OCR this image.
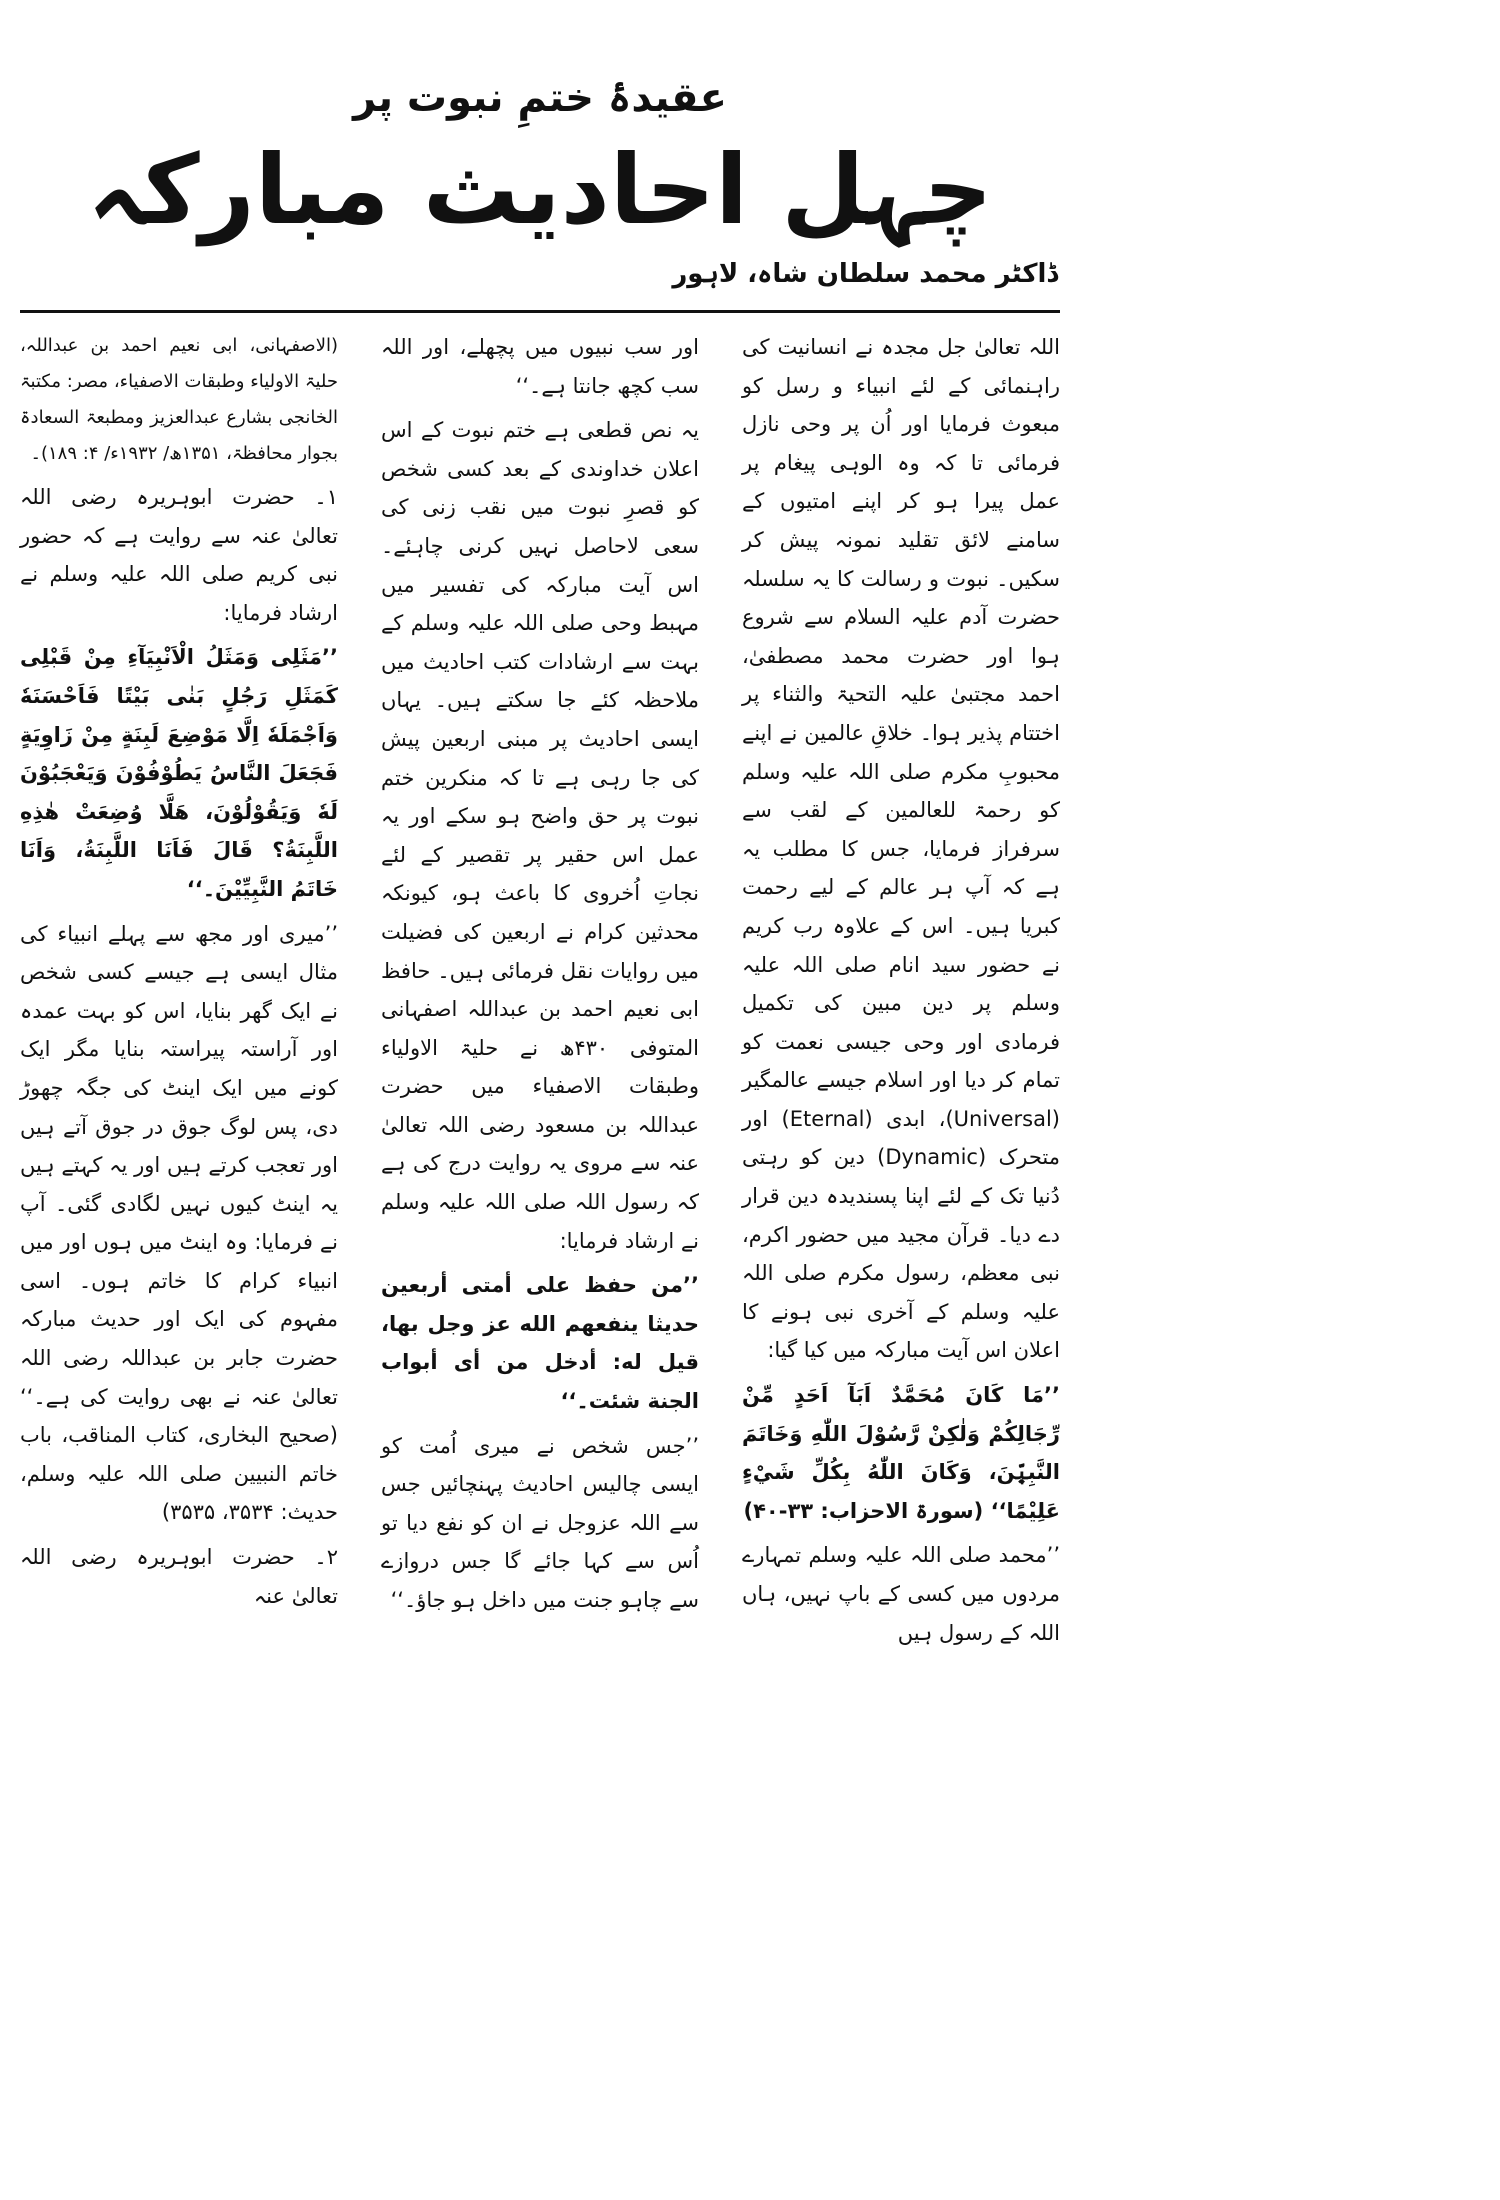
عقیدۂ ختمِ نبوت پر
چہل احادیث مبارکہ
ڈاکٹر محمد سلطان شاہ، لاہور

اللہ تعالیٰ جل مجدہ نے انسانیت کی راہنمائی کے لئے انبیاء و رسل کو مبعوث فرمایا اور اُن پر وحی نازل فرمائی تا کہ وہ الوہی پیغام پر عمل پیرا ہو کر اپنے امتیوں کے سامنے لائق تقلید نمونہ پیش کر سکیں۔ نبوت و رسالت کا یہ سلسلہ حضرت آدم علیہ السلام سے شروع ہوا اور حضرت محمد مصطفیٰ، احمد مجتبیٰ علیہ التحیۃ والثناء پر اختتام پذیر ہوا۔ خلاقِ عالمین نے اپنے محبوبِ مکرم صلی اللہ علیہ وسلم کو رحمۃ للعالمین کے لقب سے سرفراز فرمایا، جس کا مطلب یہ ہے کہ آپ ہر عالم کے لیے رحمت کبریا ہیں۔ اس کے علاوہ رب کریم نے حضور سید انام صلی اللہ علیہ وسلم پر دین مبین کی تکمیل فرمادی اور وحی جیسی نعمت کو تمام کر دیا اور اسلام جیسے عالمگیر (Universal)، ابدی (Eternal) اور متحرک (Dynamic) دین کو رہتی دُنیا تک کے لئے اپنا پسندیدہ دین قرار دے دیا۔ قرآن مجید میں حضور اکرم، نبی معظم، رسول مکرم صلی اللہ علیہ وسلم کے آخری نبی ہونے کا اعلان اس آیت مبارکہ میں کیا گیا:

’’مَا كَانَ مُحَمَّدٌ اَبَآ اَحَدٍ مِّنْ رِّجَالِكُمْ وَلٰكِنْ رَّسُوْلَ اللّٰهِ وَخَاتَمَ النَّبِيّٖنَ، وَكَانَ اللّٰهُ بِكُلِّ شَيْءٍ عَلِيْمًا‘‘ (سورۃ الاحزاب: ۳۳-۴۰)

’’محمد صلی اللہ علیہ وسلم تمہارے مردوں میں کسی کے باپ نہیں، ہاں اللہ کے رسول ہیں

اور سب نبیوں میں پچھلے، اور اللہ سب کچھ جانتا ہے۔‘‘

یہ نص قطعی ہے ختم نبوت کے اس اعلان خداوندی کے بعد کسی شخص کو قصرِ نبوت میں نقب زنی کی سعی لاحاصل نہیں کرنی چاہئے۔ اس آیت مبارکہ کی تفسیر میں مہبط وحی صلی اللہ علیہ وسلم کے بہت سے ارشادات کتب احادیث میں ملاحظہ کئے جا سکتے ہیں۔ یہاں ایسی احادیث پر مبنی اربعین پیش کی جا رہی ہے تا کہ منکرین ختم نبوت پر حق واضح ہو سکے اور یہ عمل اس حقیر پر تقصیر کے لئے نجاتِ اُخروی کا باعث ہو، کیونکہ محدثین کرام نے اربعین کی فضیلت میں روایات نقل فرمائی ہیں۔ حافظ ابی نعیم احمد بن عبداللہ اصفہانی المتوفی ۴۳۰ھ نے حلیۃ الاولیاء وطبقات الاصفیاء میں حضرت عبداللہ بن مسعود رضی اللہ تعالیٰ عنہ سے مروی یہ روایت درج کی ہے کہ رسول اللہ صلی اللہ علیہ وسلم نے ارشاد فرمایا:

’’من حفظ علی أمتی أربعین حدیثا ینفعهم الله عز وجل بها، قیل له: أدخل من أی أبواب الجنة شئت۔‘‘

’’جس شخص نے میری اُمت کو ایسی چالیس احادیث پہنچائیں جس سے اللہ عزوجل نے ان کو نفع دیا تو اُس سے کہا جائے گا جس دروازے سے چاہو جنت میں داخل ہو جاؤ۔‘‘

(الاصفہانی، ابی نعیم احمد بن عبداللہ، حلیۃ الاولیاء وطبقات الاصفیاء، مصر: مکتبۃ الخانجی بشارع عبدالعزیز ومطبعۃ السعادۃ بجوار محافظۃ، ۱۳۵۱ھ/ ۱۹۳۲ء/ ۴: ۱۸۹)۔

۱۔ حضرت ابوہریرہ رضی اللہ تعالیٰ عنہ سے روایت ہے کہ حضور نبی کریم صلی اللہ علیہ وسلم نے ارشاد فرمایا:

’’مَثَلِی وَمَثَلُ الْاَنْبِیَآءِ مِنْ قَبْلِی كَمَثَلِ رَجُلٍ بَنٰى بَيْتًا فَاَحْسَنَهٗ وَاَجْمَلَهٗ اِلَّا مَوْضِعَ لَبِنَةٍ مِنْ زَاوِیَةٍ فَجَعَلَ النَّاسُ یَطُوْفُوْنَ وَیَعْجَبُوْنَ لَهٗ وَیَقُوْلُوْنَ، هَلَّا وُضِعَتْ هٰذِهِ اللَّبِنَةُ؟ قَالَ فَاَنَا اللَّبِنَةُ، وَاَنَا خَاتَمُ النَّبِیِّیْنَ۔‘‘

’’میری اور مجھ سے پہلے انبیاء کی مثال ایسی ہے جیسے کسی شخص نے ایک گھر بنایا، اس کو بہت عمدہ اور آراستہ پیراستہ بنایا مگر ایک کونے میں ایک اینٹ کی جگہ چھوڑ دی، پس لوگ جوق در جوق آتے ہیں اور تعجب کرتے ہیں اور یہ کہتے ہیں یہ اینٹ کیوں نہیں لگادی گئی۔ آپ نے فرمایا: وہ اینٹ میں ہوں اور میں انبیاء کرام کا خاتم ہوں۔ اسی مفہوم کی ایک اور حدیث مبارکہ حضرت جابر بن عبداللہ رضی اللہ تعالیٰ عنہ نے بھی روایت کی ہے۔‘‘ (صحیح البخاری، کتاب المناقب، باب خاتم النبیین صلی اللہ علیہ وسلم، حدیث: ۳۵۳۴، ۳۵۳۵)

۲۔ حضرت ابوہریرہ رضی اللہ تعالیٰ عنہ
